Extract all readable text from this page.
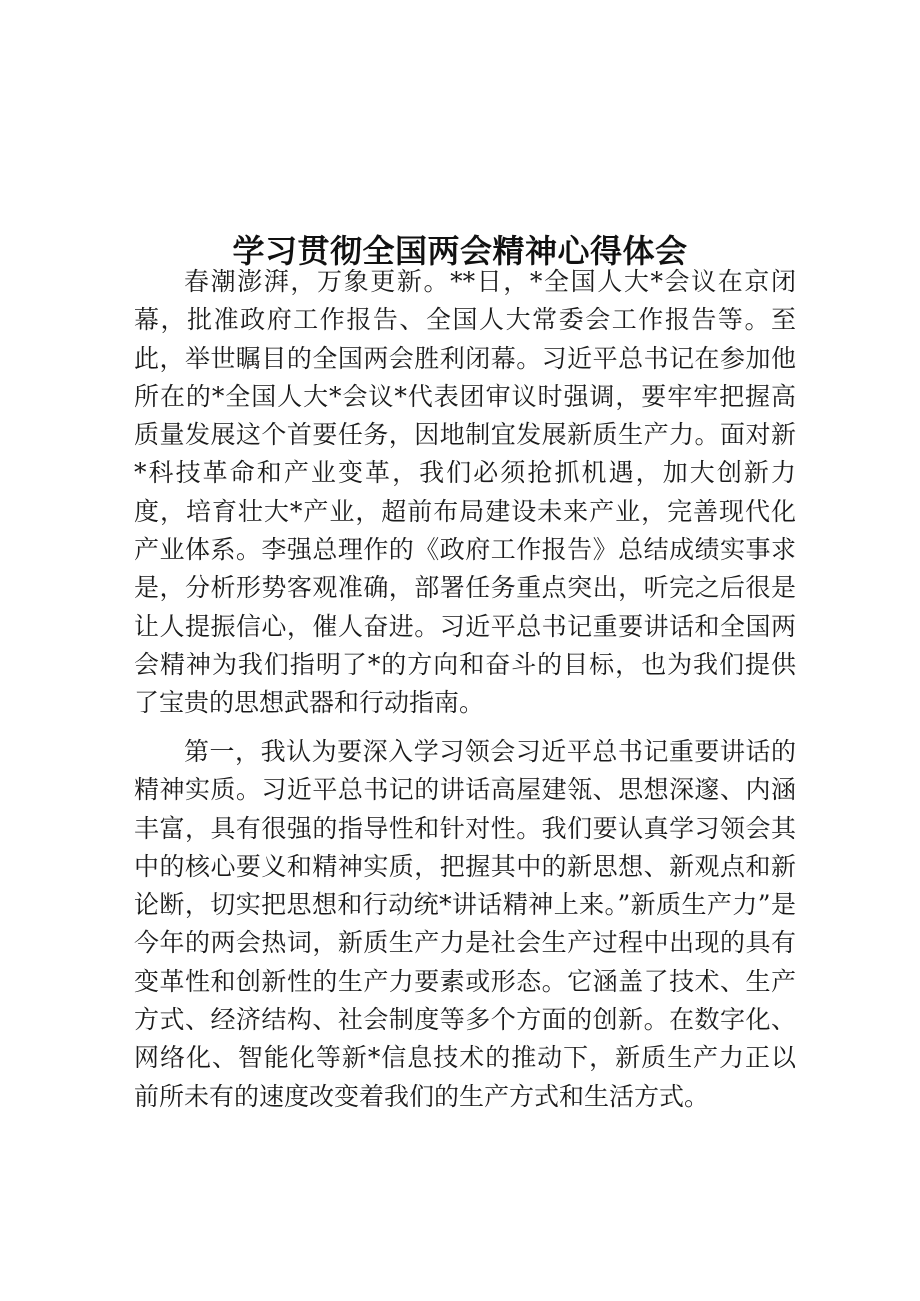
学习贯彻全国两会精神心得体会

春潮澎湃，万象更新。**日，*全国人大*会议在京闭幕，批准政府工作报告、全国人大常委会工作报告等。至此，举世瞩目的全国两会胜利闭幕。习近平总书记在参加他所在的*全国人大*会议*代表团审议时强调，要牢牢把握高质量发展这个首要任务，因地制宜发展新质生产力。面对新*科技革命和产业变革，我们必须抢抓机遇，加大创新力度，培育壮大*产业，超前布局建设未来产业，完善现代化产业体系。李强总理作的《政府工作报告》总结成绩实事求是，分析形势客观准确，部署任务重点突出，听完之后很是让人提振信心，催人奋进。习近平总书记重要讲话和全国两会精神为我们指明了*的方向和奋斗的目标，也为我们提供了宝贵的思想武器和行动指南。

第一，我认为要深入学习领会习近平总书记重要讲话的精神实质。习近平总书记的讲话高屋建瓴、思想深邃、内涵丰富，具有很强的指导性和针对性。我们要认真学习领会其中的核心要义和精神实质，把握其中的新思想、新观点和新论断，切实把思想和行动统*讲话精神上来。”新质生产力”是今年的两会热词，新质生产力是社会生产过程中出现的具有变革性和创新性的生产力要素或形态。它涵盖了技术、生产方式、经济结构、社会制度等多个方面的创新。在数字化、网络化、智能化等新*信息技术的推动下，新质生产力正以前所未有的速度改变着我们的生产方式和生活方式。
